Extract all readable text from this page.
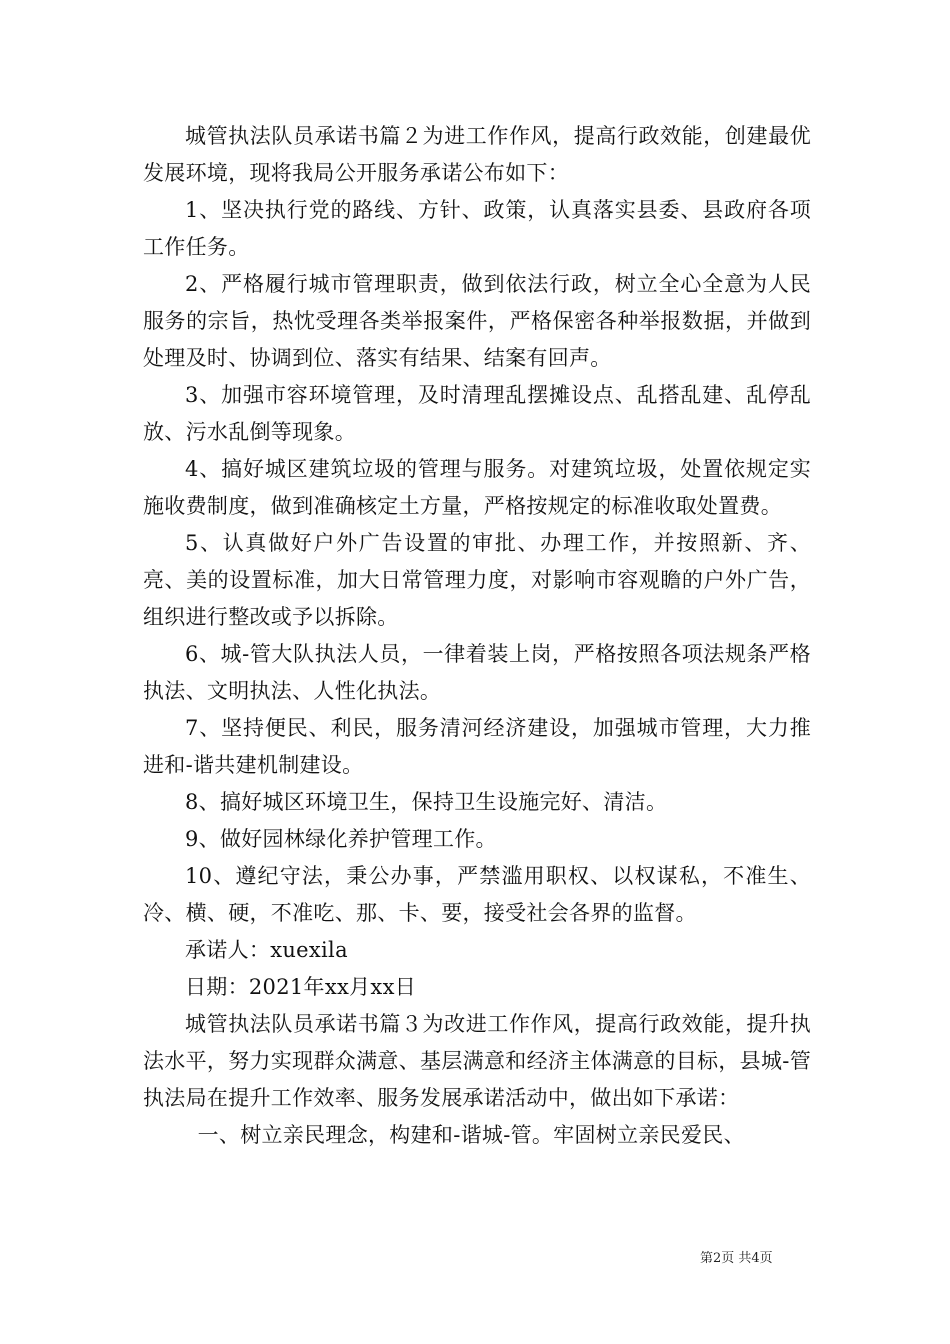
城管执法队员承诺书篇２为进工作作风，提高行政效能，创建最优发展环境，现将我局公开服务承诺公布如下：

1、坚决执行党的路线、方针、政策，认真落实县委、县政府各项工作任务。

2、严格履行城市管理职责，做到依法行政，树立全心全意为人民服务的宗旨，热忱受理各类举报案件，严格保密各种举报数据，并做到处理及时、协调到位、落实有结果、结案有回声。

3、加强市容环境管理，及时清理乱摆摊设点、乱搭乱建、乱停乱放、污水乱倒等现象。

4、搞好城区建筑垃圾的管理与服务。对建筑垃圾，处置依规定实施收费制度，做到准确核定土方量，严格按规定的标准收取处置费。

5、认真做好户外广告设置的审批、办理工作，并按照新、齐、亮、美的设置标准，加大日常管理力度，对影响市容观瞻的户外广告，组织进行整改或予以拆除。

6、城-管大队执法人员，一律着装上岗，严格按照各项法规条严格执法、文明执法、人性化执法。

7、坚持便民、利民，服务清河经济建设，加强城市管理，大力推进和-谐共建机制建设。

8、搞好城区环境卫生，保持卫生设施完好、清洁。

9、做好园林绿化养护管理工作。

10、遵纪守法，秉公办事，严禁滥用职权、以权谋私，不准生、冷、横、硬，不准吃、那、卡、要，接受社会各界的监督。

承诺人：xuexila

日期：2021年xx月xx日

城管执法队员承诺书篇３为改进工作作风，提高行政效能，提升执法水平，努力实现群众满意、基层满意和经济主体满意的目标，县城-管执法局在提升工作效率、服务发展承诺活动中，做出如下承诺：

一、树立亲民理念，构建和-谐城-管。牢固树立亲民爱民、

第2页 共4页
